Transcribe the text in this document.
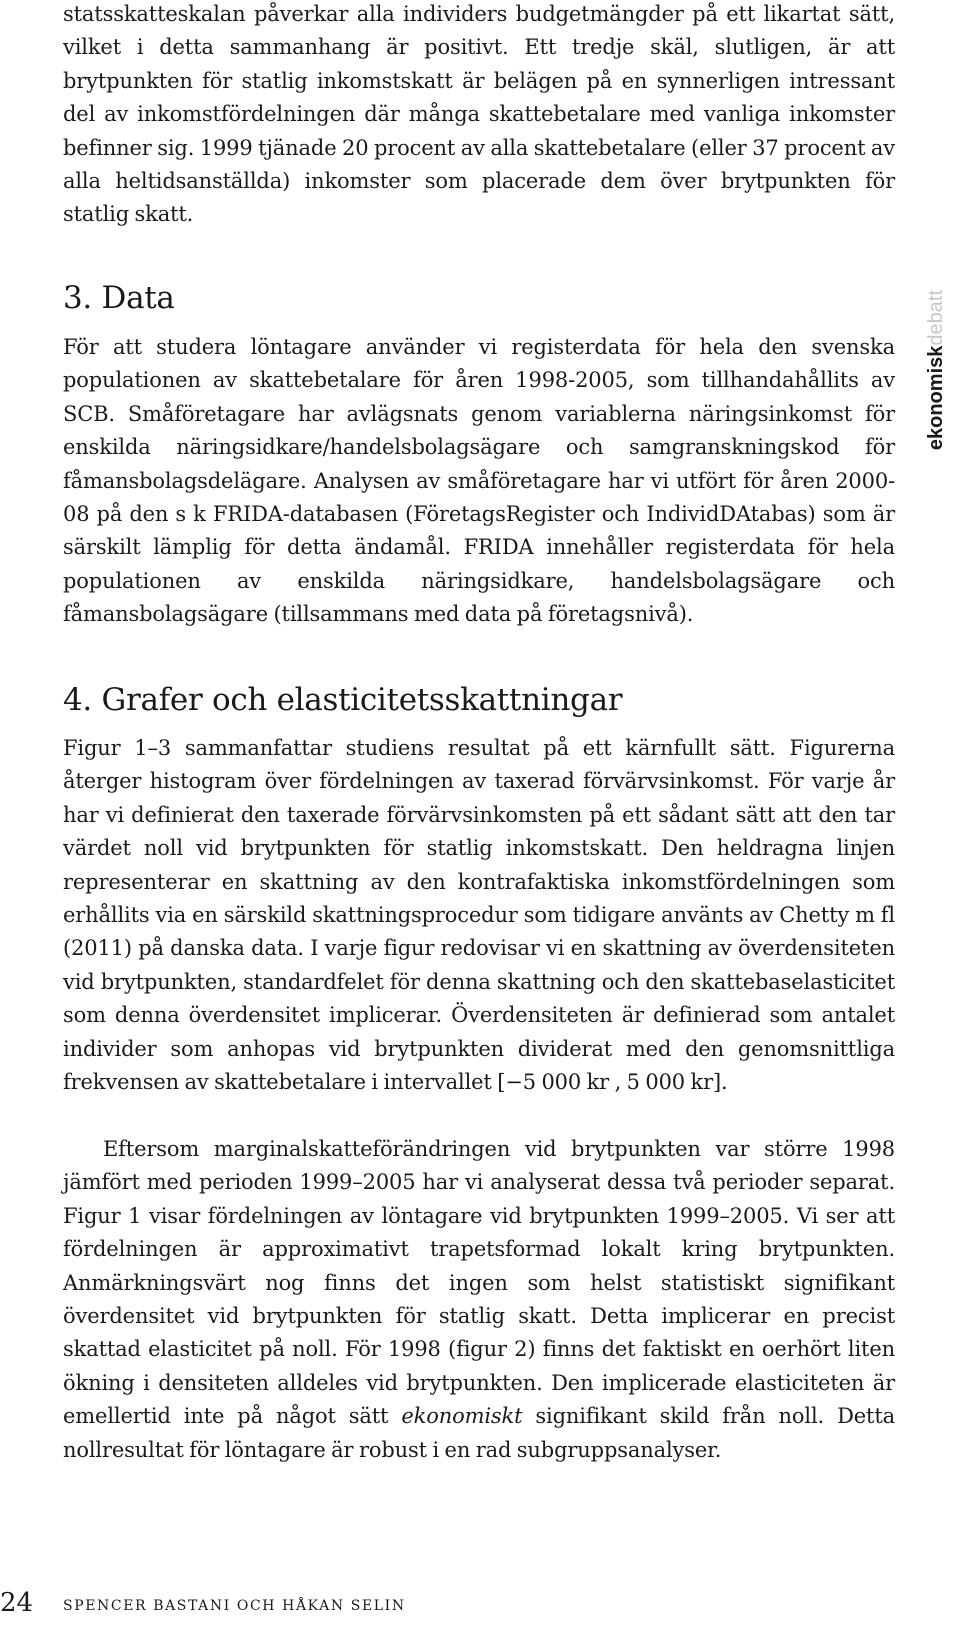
statsskatteskalan påverkar alla individers budgetmängder på ett likartat sätt, vilket i detta sammanhang är positivt. Ett tredje skäl, slutligen, är att brytpunkten för statlig inkomstskatt är belägen på en synnerligen intressant del av inkomstfördelningen där många skattebetalare med vanliga inkomster befinner sig. 1999 tjänade 20 procent av alla skattebetalare (eller 37 procent av alla heltidsanställda) inkomster som placerade dem över brytpunkten för statlig skatt.

3. Data

För att studera löntagare använder vi registerdata för hela den svenska populationen av skattebetalare för åren 1998-2005, som tillhandahållits av SCB. Småföretagare har avlägsnats genom variablerna näringsinkomst för enskilda näringsidkare/handelsbolagsägare och samgranskningskod för fåmansbolagsdelägare. Analysen av småföretagare har vi utfört för åren 2000-08 på den s k FRIDA-databasen (FöretagsRegister och IndividDAtabas) som är särskilt lämplig för detta ändamål. FRIDA innehåller registerdata för hela populationen av enskilda näringsidkare, handelsbolagsägare och fåmansbolagsägare (tillsammans med data på företagsnivå).

4. Grafer och elasticitetsskattningar

Figur 1–3 sammanfattar studiens resultat på ett kärnfullt sätt. Figurerna återger histogram över fördelningen av taxerad förvärvsinkomst. För varje år har vi definierat den taxerade förvärvsinkomsten på ett sådant sätt att den tar värdet noll vid brytpunkten för statlig inkomstskatt. Den heldragna linjen representerar en skattning av den kontrafaktiska inkomstfördelningen som erhållits via en särskild skattningsprocedur som tidigare använts av Chetty m fl (2011) på danska data. I varje figur redovisar vi en skattning av överdensiteten vid brytpunkten, standardfelet för denna skattning och den skattebaselasticitet som denna överdensitet implicerar. Överdensiteten är definierad som antalet individer som anhopas vid brytpunkten dividerat med den genomsnittliga frekvensen av skattebetalare i intervallet [−5 000 kr , 5 000 kr].

Eftersom marginalskatteförändringen vid brytpunkten var större 1998 jämfört med perioden 1999–2005 har vi analyserat dessa två perioder separat. Figur 1 visar fördelningen av löntagare vid brytpunkten 1999–2005. Vi ser att fördelningen är approximativt trapetsformad lokalt kring brytpunkten. Anmärkningsvärt nog finns det ingen som helst statistiskt signifikant överdensitet vid brytpunkten för statlig skatt. Detta implicerar en precist skattad elasticitet på noll. För 1998 (figur 2) finns det faktiskt en oerhört liten ökning i densiteten alldeles vid brytpunkten. Den implicerade elasticiteten är emellertid inte på något sätt ekonomiskt signifikant skild från noll. Detta nollresultat för löntagare är robust i en rad subgruppsanalyser.

ekonomiskdebatt
24 SPENCER BASTANI OCH HÅKAN SELIN
